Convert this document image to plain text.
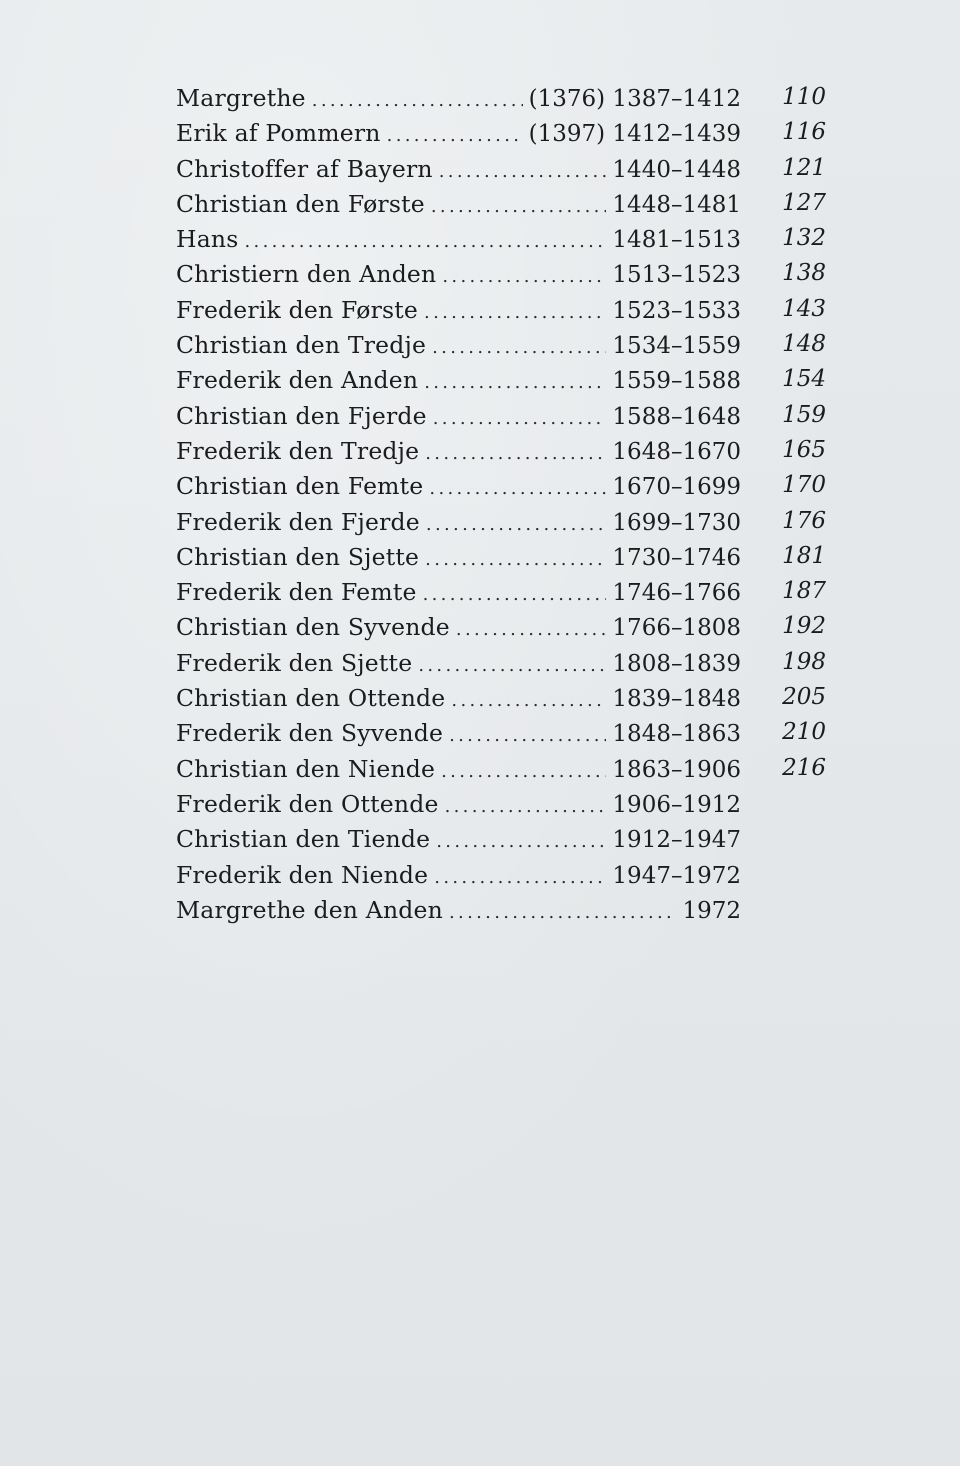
Margrethe . . .	(1376) 1387–1412 110
Erik af Pommern . . .	(1397) 1412–1439 116
Christoffer af Bayern . . .	1440–1448 121
Christian den Første . . .	1448–1481 127
Hans . . .	1481–1513 132
Christiern den Anden . . .	1513–1523 138
Frederik den Første . . .	1523–1533 143
Christian den Tredje . . .	1534–1559 148
Frederik den Anden . . .	1559–1588 154
Christian den Fjerde . . .	1588–1648 159
Frederik den Tredje . . .	1648–1670 165
Christian den Femte . . .	1670–1699 170
Frederik den Fjerde . . .	1699–1730 176
Christian den Sjette . . .	1730–1746 181
Frederik den Femte . . .	1746–1766 187
Christian den Syvende . . .	1766–1808 192
Frederik den Sjette . . .	1808–1839 198
Christian den Ottende . . .	1839–1848 205
Frederik den Syvende . . .	1848–1863 210
Christian den Niende . . .	1863–1906 216
Frederik den Ottende . . .	1906–1912
Christian den Tiende . . .	1912–1947
Frederik den Niende . . .	1947–1972
Margrethe den Anden . . .	1972
